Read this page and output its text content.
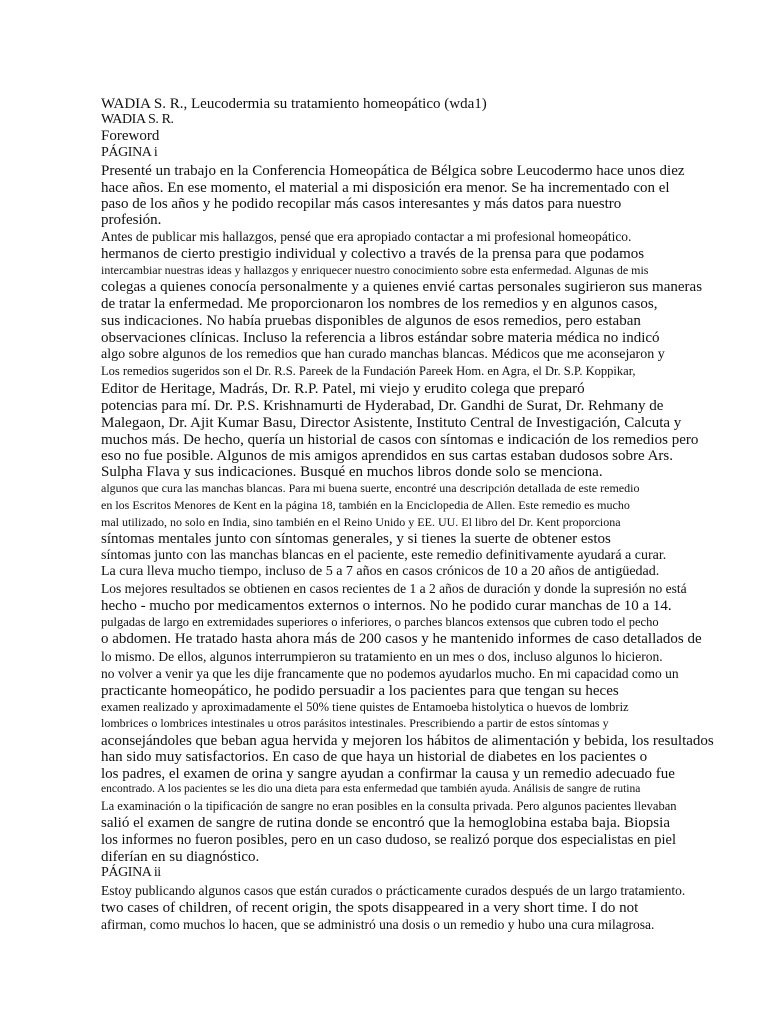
WADIA S. R., Leucodermia su tratamiento homeopático (wda1)

WADIA S. R.

Foreword

PÁGINA i

Presenté un trabajo en la Conferencia Homeopática de Bélgica sobre Leucodermo hace unos diez

hace años. En ese momento, el material a mi disposición era menor. Se ha incrementado con el

paso de los años y he podido recopilar más casos interesantes y más datos para nuestro

profesión.

Antes de publicar mis hallazgos, pensé que era apropiado contactar a mi profesional homeopático.

hermanos de cierto prestigio individual y colectivo a través de la prensa para que podamos

intercambiar nuestras ideas y hallazgos y enriquecer nuestro conocimiento sobre esta enfermedad. Algunas de mis

colegas a quienes conocía personalmente y a quienes envié cartas personales sugirieron sus maneras

de tratar la enfermedad. Me proporcionaron los nombres de los remedios y en algunos casos,

sus indicaciones. No había pruebas disponibles de algunos de esos remedios, pero estaban

observaciones clínicas. Incluso la referencia a libros estándar sobre materia médica no indicó

algo sobre algunos de los remedios que han curado manchas blancas. Médicos que me aconsejaron y

Los remedios sugeridos son el Dr. R.S. Pareek de la Fundación Pareek Hom. en Agra, el Dr. S.P. Koppikar,

Editor de Heritage, Madrás, Dr. R.P. Patel, mi viejo y erudito colega que preparó

potencias para mí. Dr. P.S. Krishnamurti de Hyderabad, Dr. Gandhi de Surat, Dr. Rehmany de

Malegaon, Dr. Ajit Kumar Basu, Director Asistente, Instituto Central de Investigación, Calcuta y

muchos más. De hecho, quería un historial de casos con síntomas e indicación de los remedios pero

eso no fue posible. Algunos de mis amigos aprendidos en sus cartas estaban dudosos sobre Ars.

Sulpha Flava y sus indicaciones. Busqué en muchos libros donde solo se menciona.

algunos que cura las manchas blancas. Para mi buena suerte, encontré una descripción detallada de este remedio

en los Escritos Menores de Kent en la página 18, también en la Enciclopedia de Allen. Este remedio es mucho

mal utilizado, no solo en India, sino también en el Reino Unido y EE. UU. El libro del Dr. Kent proporciona

síntomas mentales junto con síntomas generales, y si tienes la suerte de obtener estos

síntomas junto con las manchas blancas en el paciente, este remedio definitivamente ayudará a curar.

La cura lleva mucho tiempo, incluso de 5 a 7 años en casos crónicos de 10 a 20 años de antigüedad.

Los mejores resultados se obtienen en casos recientes de 1 a 2 años de duración y donde la supresión no está

hecho - mucho por medicamentos externos o internos. No he podido curar manchas de 10 a 14.

pulgadas de largo en extremidades superiores o inferiores, o parches blancos extensos que cubren todo el pecho

o abdomen. He tratado hasta ahora más de 200 casos y he mantenido informes de caso detallados de

lo mismo. De ellos, algunos interrumpieron su tratamiento en un mes o dos, incluso algunos lo hicieron.

no volver a venir ya que les dije francamente que no podemos ayudarlos mucho. En mi capacidad como un

practicante homeopático, he podido persuadir a los pacientes para que tengan su heces

examen realizado y aproximadamente el 50% tiene quistes de Entamoeba histolytica o huevos de lombriz

lombrices o lombrices intestinales u otros parásitos intestinales. Prescribiendo a partir de estos síntomas y

aconsejándoles que beban agua hervida y mejoren los hábitos de alimentación y bebida, los resultados

han sido muy satisfactorios. En caso de que haya un historial de diabetes en los pacientes o

los padres, el examen de orina y sangre ayudan a confirmar la causa y un remedio adecuado fue

encontrado. A los pacientes se les dio una dieta para esta enfermedad que también ayuda. Análisis de sangre de rutina

La examinación o la tipificación de sangre no eran posibles en la consulta privada. Pero algunos pacientes llevaban

salió el examen de sangre de rutina donde se encontró que la hemoglobina estaba baja. Biopsia

los informes no fueron posibles, pero en un caso dudoso, se realizó porque dos especialistas en piel

diferían en su diagnóstico.

PÁGINA ii

Estoy publicando algunos casos que están curados o prácticamente curados después de un largo tratamiento.

two cases of children, of recent origin, the spots disappeared in a very short time. I do not

afirman, como muchos lo hacen, que se administró una dosis o un remedio y hubo una cura milagrosa.
